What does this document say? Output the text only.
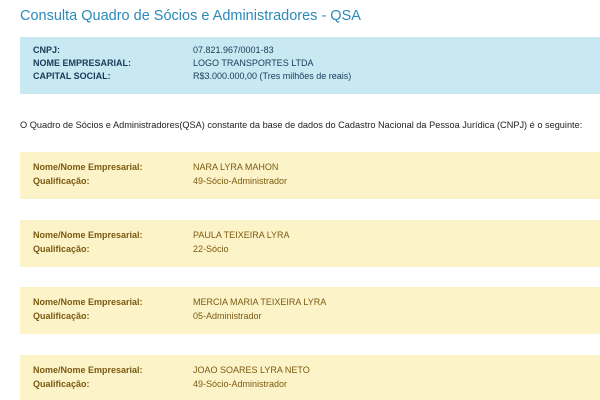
Consulta Quadro de Sócios e Administradores - QSA
CNPJ:	07.821.967/0001-83
NOME EMPRESARIAL:	LOGO TRANSPORTES LTDA
CAPITAL SOCIAL:	R$3.000.000,00 (Tres milhões de reais)
O Quadro de Sócios e Administradores(QSA) constante da base de dados do Cadastro Nacional da Pessoa Jurídica (CNPJ) é o seguinte:
Nome/Nome Empresarial:	NARA LYRA MAHON
Qualificação:	49-Sócio-Administrador
Nome/Nome Empresarial:	PAULA TEIXEIRA LYRA
Qualificação:	22-Sócio
Nome/Nome Empresarial:	MERCIA MARIA TEIXEIRA LYRA
Qualificação:	05-Administrador
Nome/Nome Empresarial:	JOAO SOARES LYRA NETO
Qualificação:	49-Sócio-Administrador
